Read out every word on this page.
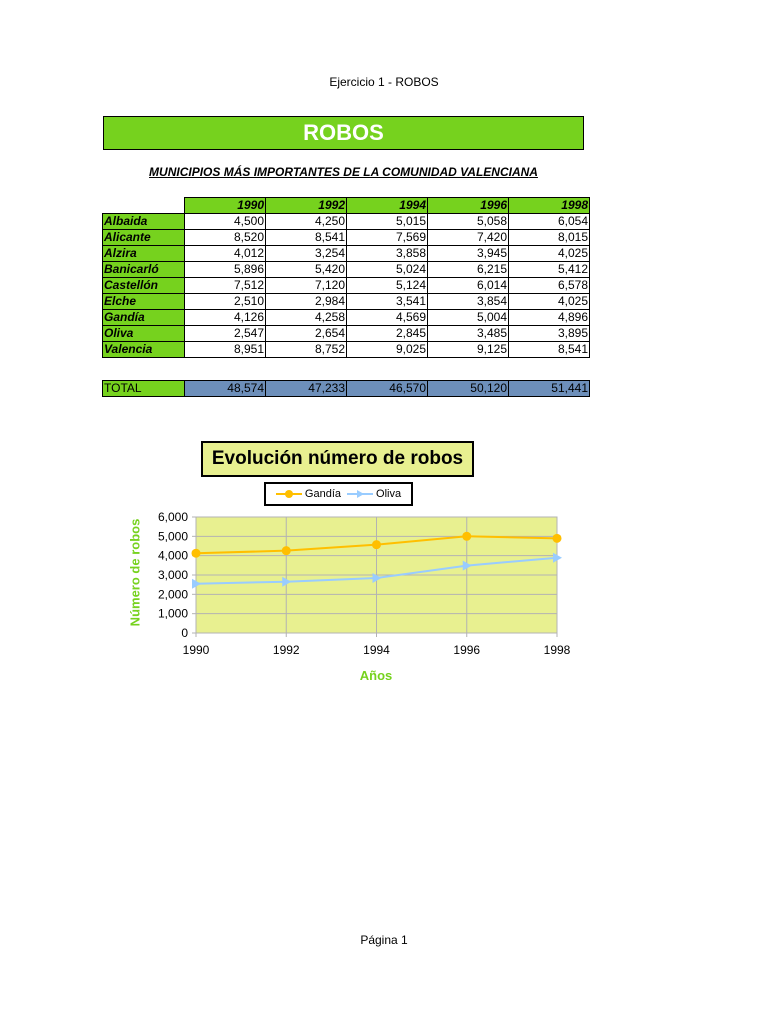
Ejercicio 1 - ROBOS
ROBOS
MUNICIPIOS MÁS IMPORTANTES DE LA COMUNIDAD VALENCIANA
	1990	1992	1994	1996	1998
Albaida	4,500	4,250	5,015	5,058	6,054
Alicante	8,520	8,541	7,569	7,420	8,015
Alzira	4,012	3,254	3,858	3,945	4,025
Banicarló	5,896	5,420	5,024	6,215	5,412
Castellón	7,512	7,120	5,124	6,014	6,578
Elche	2,510	2,984	3,541	3,854	4,025
Gandía	4,126	4,258	4,569	5,004	4,896
Oliva	2,547	2,654	2,845	3,485	3,895
Valencia	8,951	8,752	9,025	9,125	8,541
TOTAL	48,574	47,233	46,570	50,120	51,441
Evolución número de robos
Gandía	Oliva
0
1,000
2,000
3,000
4,000
5,000
6,000
1990	1992	1994	1996	1998
Número de robos
Años
Página 1
